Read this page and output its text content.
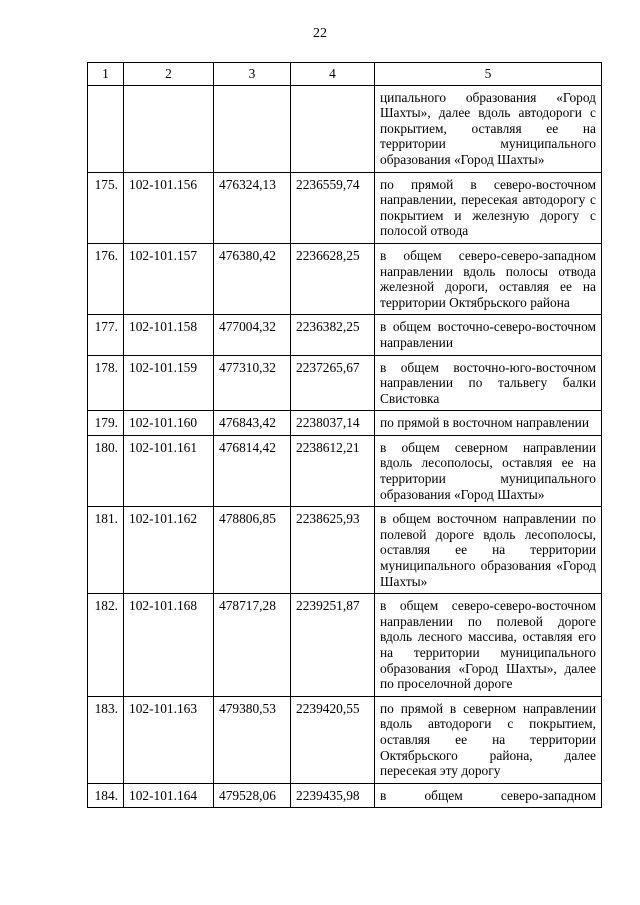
22
1	2	3	4	5
				ципального образования «Город Шахты», далее вдоль автодороги с покрытием, оставляя ее на территории муниципального образования «Город Шахты»
175.	102-101.156	476324,13	2236559,74	по прямой в северо-восточном направлении, пересекая автодорогу с покрытием и железную дорогу с полосой отвода
176.	102-101.157	476380,42	2236628,25	в общем северо-северо-западном направлении вдоль полосы отвода железной дороги, оставляя ее на территории Октябрьского района
177.	102-101.158	477004,32	2236382,25	в общем восточно-северо-восточном направлении
178.	102-101.159	477310,32	2237265,67	в общем восточно-юго-восточном направлении по тальвегу балки Свистовка
179.	102-101.160	476843,42	2238037,14	по прямой в восточном направлении
180.	102-101.161	476814,42	2238612,21	в общем северном направлении вдоль лесополосы, оставляя ее на территории муниципального образования «Город Шахты»
181.	102-101.162	478806,85	2238625,93	в общем восточном направлении по полевой дороге вдоль лесополосы, оставляя ее на территории муниципального образования «Город Шахты»
182.	102-101.168	478717,28	2239251,87	в общем северо-северо-восточном направлении по полевой дороге вдоль лесного массива, оставляя его на территории муниципального образования «Город Шахты», далее по проселочной дороге
183.	102-101.163	479380,53	2239420,55	по прямой в северном направлении вдоль автодороги с покрытием, оставляя ее на территории Октябрьского района, далее пересекая эту дорогу
184.	102-101.164	479528,06	2239435,98	в общем северо-западном
